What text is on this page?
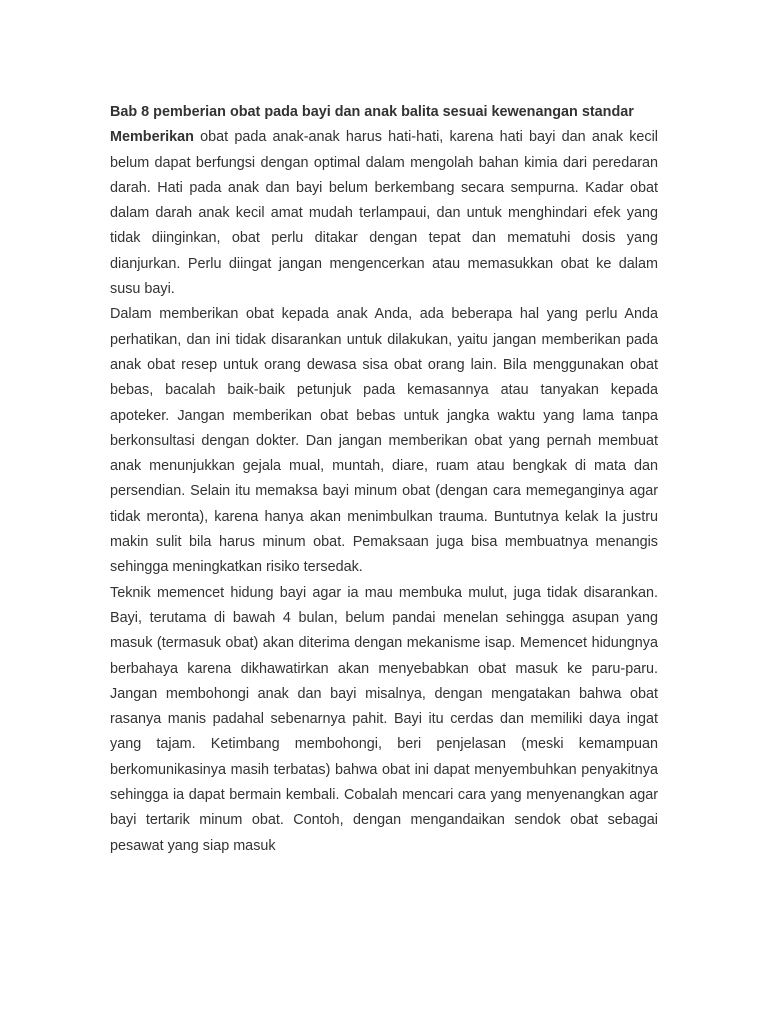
Bab 8 pemberian obat pada bayi dan anak balita sesuai kewenangan standar

Memberikan obat pada anak-anak harus hati-hati, karena hati bayi dan anak kecil belum dapat berfungsi dengan optimal dalam mengolah bahan kimia dari peredaran darah. Hati pada anak dan bayi belum berkembang secara sempurna. Kadar obat dalam darah anak kecil amat mudah terlampaui, dan untuk menghindari efek yang tidak diinginkan, obat perlu ditakar dengan tepat dan mematuhi dosis yang dianjurkan. Perlu diingat jangan mengencerkan atau memasukkan obat ke dalam susu bayi.

Dalam memberikan obat kepada anak Anda, ada beberapa hal yang perlu Anda perhatikan, dan ini tidak disarankan untuk dilakukan, yaitu jangan memberikan pada anak obat resep untuk orang dewasa sisa obat orang lain. Bila menggunakan obat bebas, bacalah baik-baik petunjuk pada kemasannya atau tanyakan kepada apoteker. Jangan memberikan obat bebas untuk jangka waktu yang lama tanpa berkonsultasi dengan dokter. Dan jangan memberikan obat yang pernah membuat anak menunjukkan gejala mual, muntah, diare, ruam atau bengkak di mata dan persendian. Selain itu memaksa bayi minum obat (dengan cara memeganginya agar tidak meronta), karena hanya akan menimbulkan trauma. Buntutnya kelak Ia justru makin sulit bila harus minum obat. Pemaksaan juga bisa membuatnya menangis sehingga meningkatkan risiko tersedak.

Teknik memencet hidung bayi agar ia mau membuka mulut, juga tidak disarankan. Bayi, terutama di bawah 4 bulan, belum pandai menelan sehingga asupan yang masuk (termasuk obat) akan diterima dengan mekanisme isap. Memencet hidungnya berbahaya karena dikhawatirkan akan menyebabkan obat masuk ke paru-paru. Jangan membohongi anak dan bayi misalnya, dengan mengatakan bahwa obat rasanya manis padahal sebenarnya pahit. Bayi itu cerdas dan memiliki daya ingat yang tajam. Ketimbang membohongi, beri penjelasan (meski kemampuan berkomunikasinya masih terbatas) bahwa obat ini dapat menyembuhkan penyakitnya sehingga ia dapat bermain kembali. Cobalah mencari cara yang menyenangkan agar bayi tertarik minum obat. Contoh, dengan mengandaikan sendok obat sebagai pesawat yang siap masuk
